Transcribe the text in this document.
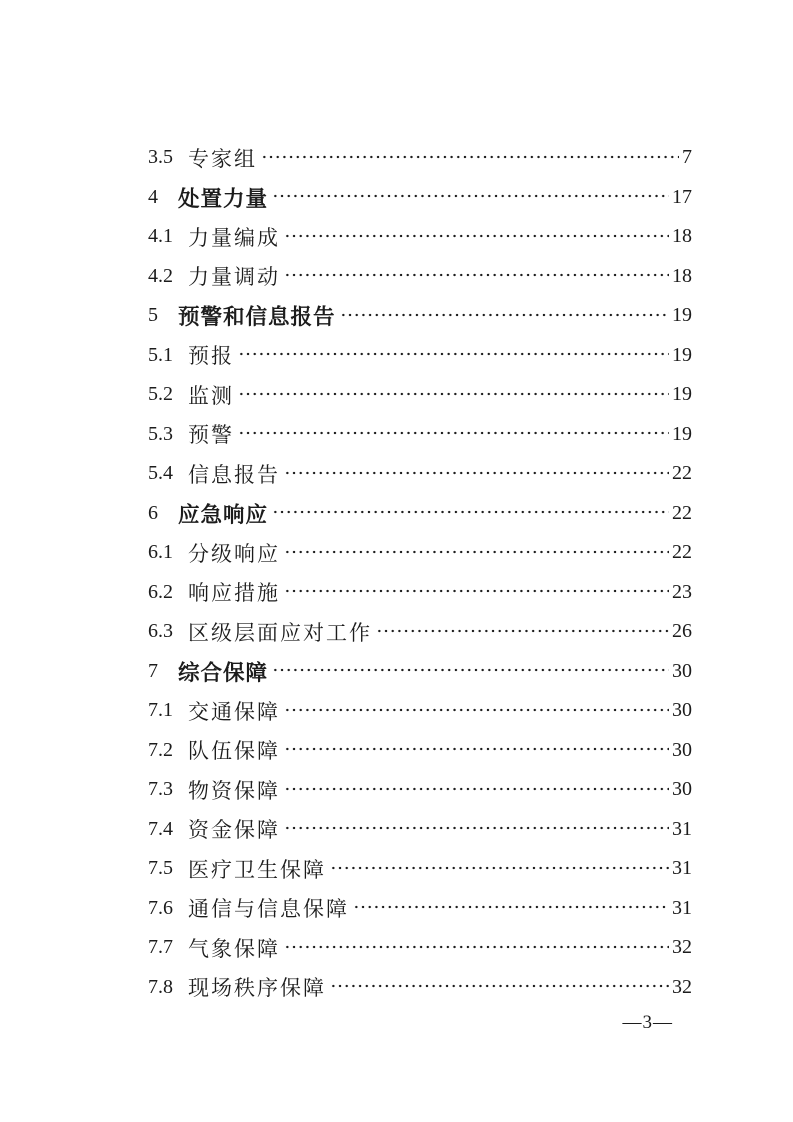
3.5 专家组	7
4 处置力量	17
4.1 力量编成	18
4.2 力量调动	18
5 预警和信息报告	19
5.1 预报	19
5.2 监测	19
5.3 预警	19
5.4 信息报告	22
6 应急响应	22
6.1 分级响应	22
6.2 响应措施	23
6.3 区级层面应对工作	26
7 综合保障	30
7.1 交通保障	30
7.2 队伍保障	30
7.3 物资保障	30
7.4 资金保障	31
7.5 医疗卫生保障	31
7.6 通信与信息保障	31
7.7 气象保障	32
7.8 现场秩序保障	32
—3—
